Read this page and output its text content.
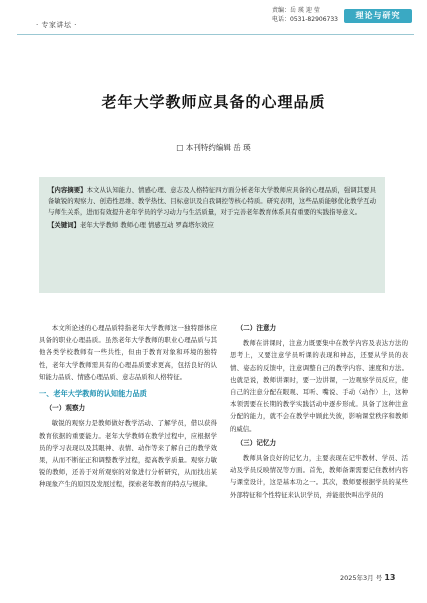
· 专家讲坛 ·
责编：岳 瑛 迎 莹
电话：0531-82906733	理论与研究
老年大学教师应具备的心理品质
□ 本刊特约编辑 岳 瑛
【内容摘要】本文从认知能力、情感心理、意志及人格特征四方面分析老年大学教师应具备的心理品质，强调其要具备敏锐的观察力、创造性思维、教学热忱、目标意识及自我调控等核心特质。研究表明，这些品质能够优化教学互动与师生关系，进而有效提升老年学员的学习动力与生活质量，对于完善老年教育体系具有重要的实践指导意义。
【关键词】老年大学教师 教师心理 情感互动 罗森塔尔效应

本文所论述的心理品质特指老年大学教师这一独特群体应具备的职业心理品质。虽然老年大学教师的职业心理品质与其他各类学校教师有一些共性，但由于教育对象和环境的独特性，老年大学教师需具有的心理品质要求更高，包括良好的认知能力品质、情感心理品质、意志品质和人格特征。

一、老年大学教师的认知能力品质
（一）观察力

敏锐的观察力是教师做好教学活动、了解学员，借以获得教育依据的重要能力。老年大学教师在教学过程中，应根据学员的学习表现以及其眼神、表情、动作等来了解自己的教学效果，从而不断征正和调整教学过程，提高教学质量。观察力敏锐的教师，还善于对所观察的对象进行分析研究，从而找出某种现象产生的原因及发展过程，探索老年教育的特点与规律。

（二）注意力

教师在讲课时，注意力既要集中在教学内容及表达方法的思考上，又要注意学员听课的表现和神态，还要从学员的表情、姿态的反馈中，注意调整自己的教学内容、速度和方法。也就是说，教师讲课时，要一边讲课，一边观察学员反应，使自己的注意分配在眼观、耳听、嘴说、手动（动作）上，这种本领需要在长期的教学实践活动中逐步形成。具备了这种注意分配的能力，就不会在教学中顾此失彼，影响课堂秩序和教师的威信。

（三）记忆力

教师具备良好的记忆力，主要表现在记牢教材、学员、活动及学员反映情况等方面。首先，教师备课需要记住教材内容与课堂设计，这是基本功之一。其次，教师要根据学员的某些外部特征和个性特征来认识学员，并能很快叫出学员的

2025年3月 号 13
